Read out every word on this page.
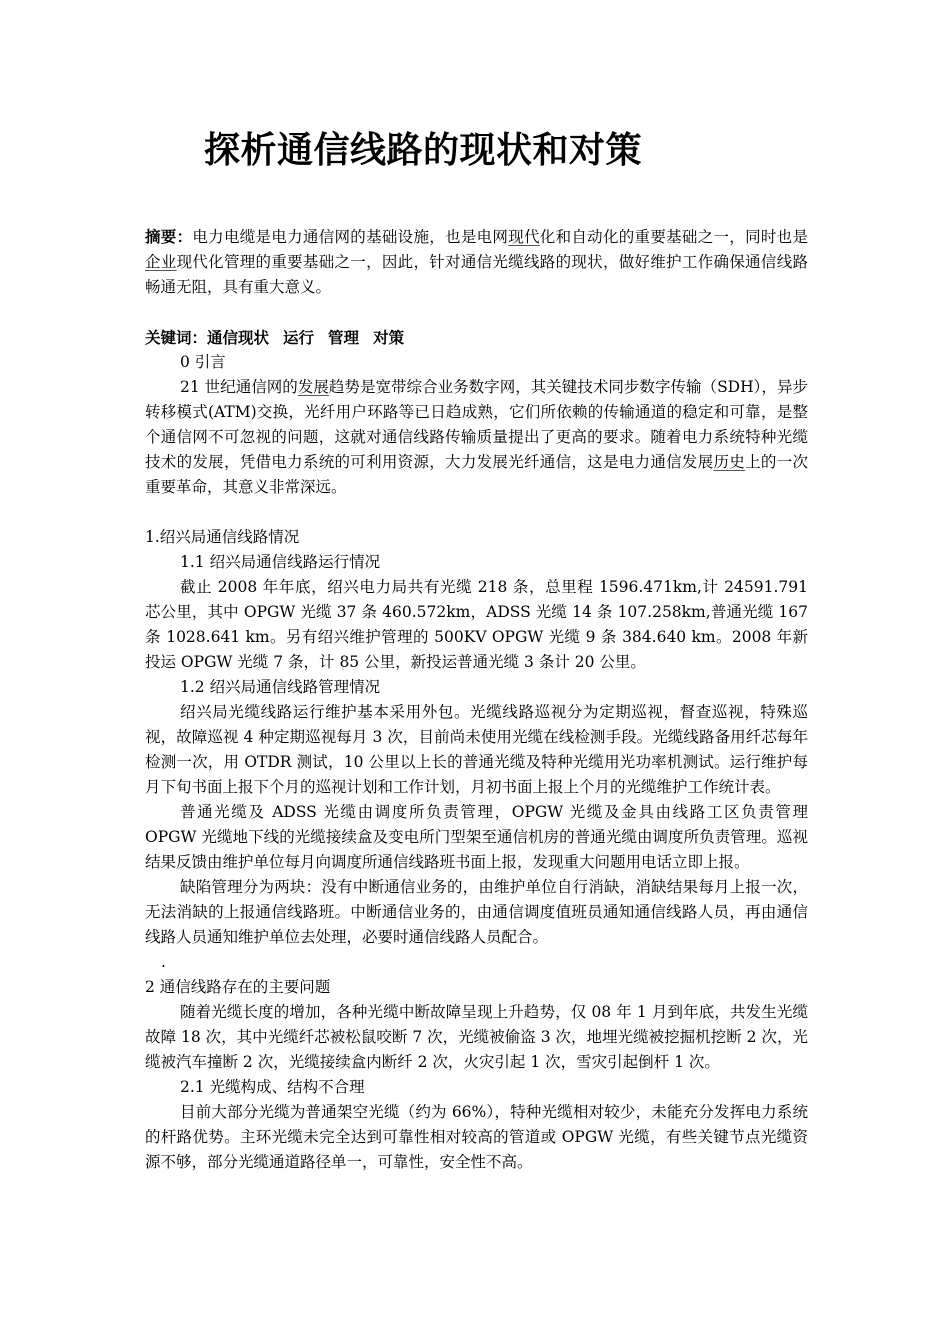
探析通信线路的现状和对策

摘要：电力电缆是电力通信网的基础设施，也是电网现代化和自动化的重要基础之一，同时也是企业现代化管理的重要基础之一，因此，针对通信光缆线路的现状，做好维护工作确保通信线路畅通无阻，具有重大意义。

关键词：通信现状 运行 管理 对策

0 引言

21 世纪通信网的发展趋势是宽带综合业务数字网，其关键技术同步数字传输（SDH），异步转移模式(ATM)交换，光纤用户环路等已日趋成熟，它们所依赖的传输通道的稳定和可靠，是整个通信网不可忽视的问题，这就对通信线路传输质量提出了更高的要求。随着电力系统特种光缆技术的发展，凭借电力系统的可利用资源，大力发展光纤通信，这是电力通信发展历史上的一次重要革命，其意义非常深远。

1.绍兴局通信线路情况

1.1 绍兴局通信线路运行情况

截止 2008 年年底，绍兴电力局共有光缆 218 条，总里程 1596.471km,计 24591.791 芯公里，其中 OPGW 光缆 37 条 460.572km，ADSS 光缆 14 条 107.258km,普通光缆 167 条 1028.641 km。另有绍兴维护管理的 500KV OPGW 光缆 9 条 384.640 km。2008 年新投运 OPGW 光缆 7 条，计 85 公里，新投运普通光缆 3 条计 20 公里。

1.2 绍兴局通信线路管理情况

绍兴局光缆线路运行维护基本采用外包。光缆线路巡视分为定期巡视，督查巡视，特殊巡视，故障巡视 4 种定期巡视每月 3 次，目前尚未使用光缆在线检测手段。光缆线路备用纤芯每年检测一次，用 OTDR 测试，10 公里以上长的普通光缆及特种光缆用光功率机测试。运行维护每月下旬书面上报下个月的巡视计划和工作计划，月初书面上报上个月的光缆维护工作统计表。

普通光缆及 ADSS 光缆由调度所负责管理，OPGW 光缆及金具由线路工区负责管理 OPGW 光缆地下线的光缆接续盒及变电所门型架至通信机房的普通光缆由调度所负责管理。巡视结果反馈由维护单位每月向调度所通信线路班书面上报，发现重大问题用电话立即上报。

缺陷管理分为两块：没有中断通信业务的，由维护单位自行消缺，消缺结果每月上报一次，无法消缺的上报通信线路班。中断通信业务的，由通信调度值班员通知通信线路人员，再由通信线路人员通知维护单位去处理，必要时通信线路人员配合。

.

2 通信线路存在的主要问题

随着光缆长度的增加，各种光缆中断故障呈现上升趋势，仅 08 年 1 月到年底，共发生光缆故障 18 次，其中光缆纤芯被松鼠咬断 7 次，光缆被偷盗 3 次，地埋光缆被挖掘机挖断 2 次，光缆被汽车撞断 2 次，光缆接续盒内断纤 2 次，火灾引起 1 次，雪灾引起倒杆 1 次。

2.1 光缆构成、结构不合理

目前大部分光缆为普通架空光缆（约为 66%），特种光缆相对较少，未能充分发挥电力系统的杆路优势。主环光缆未完全达到可靠性相对较高的管道或 OPGW 光缆，有些关键节点光缆资源不够，部分光缆通道路径单一，可靠性，安全性不高。
